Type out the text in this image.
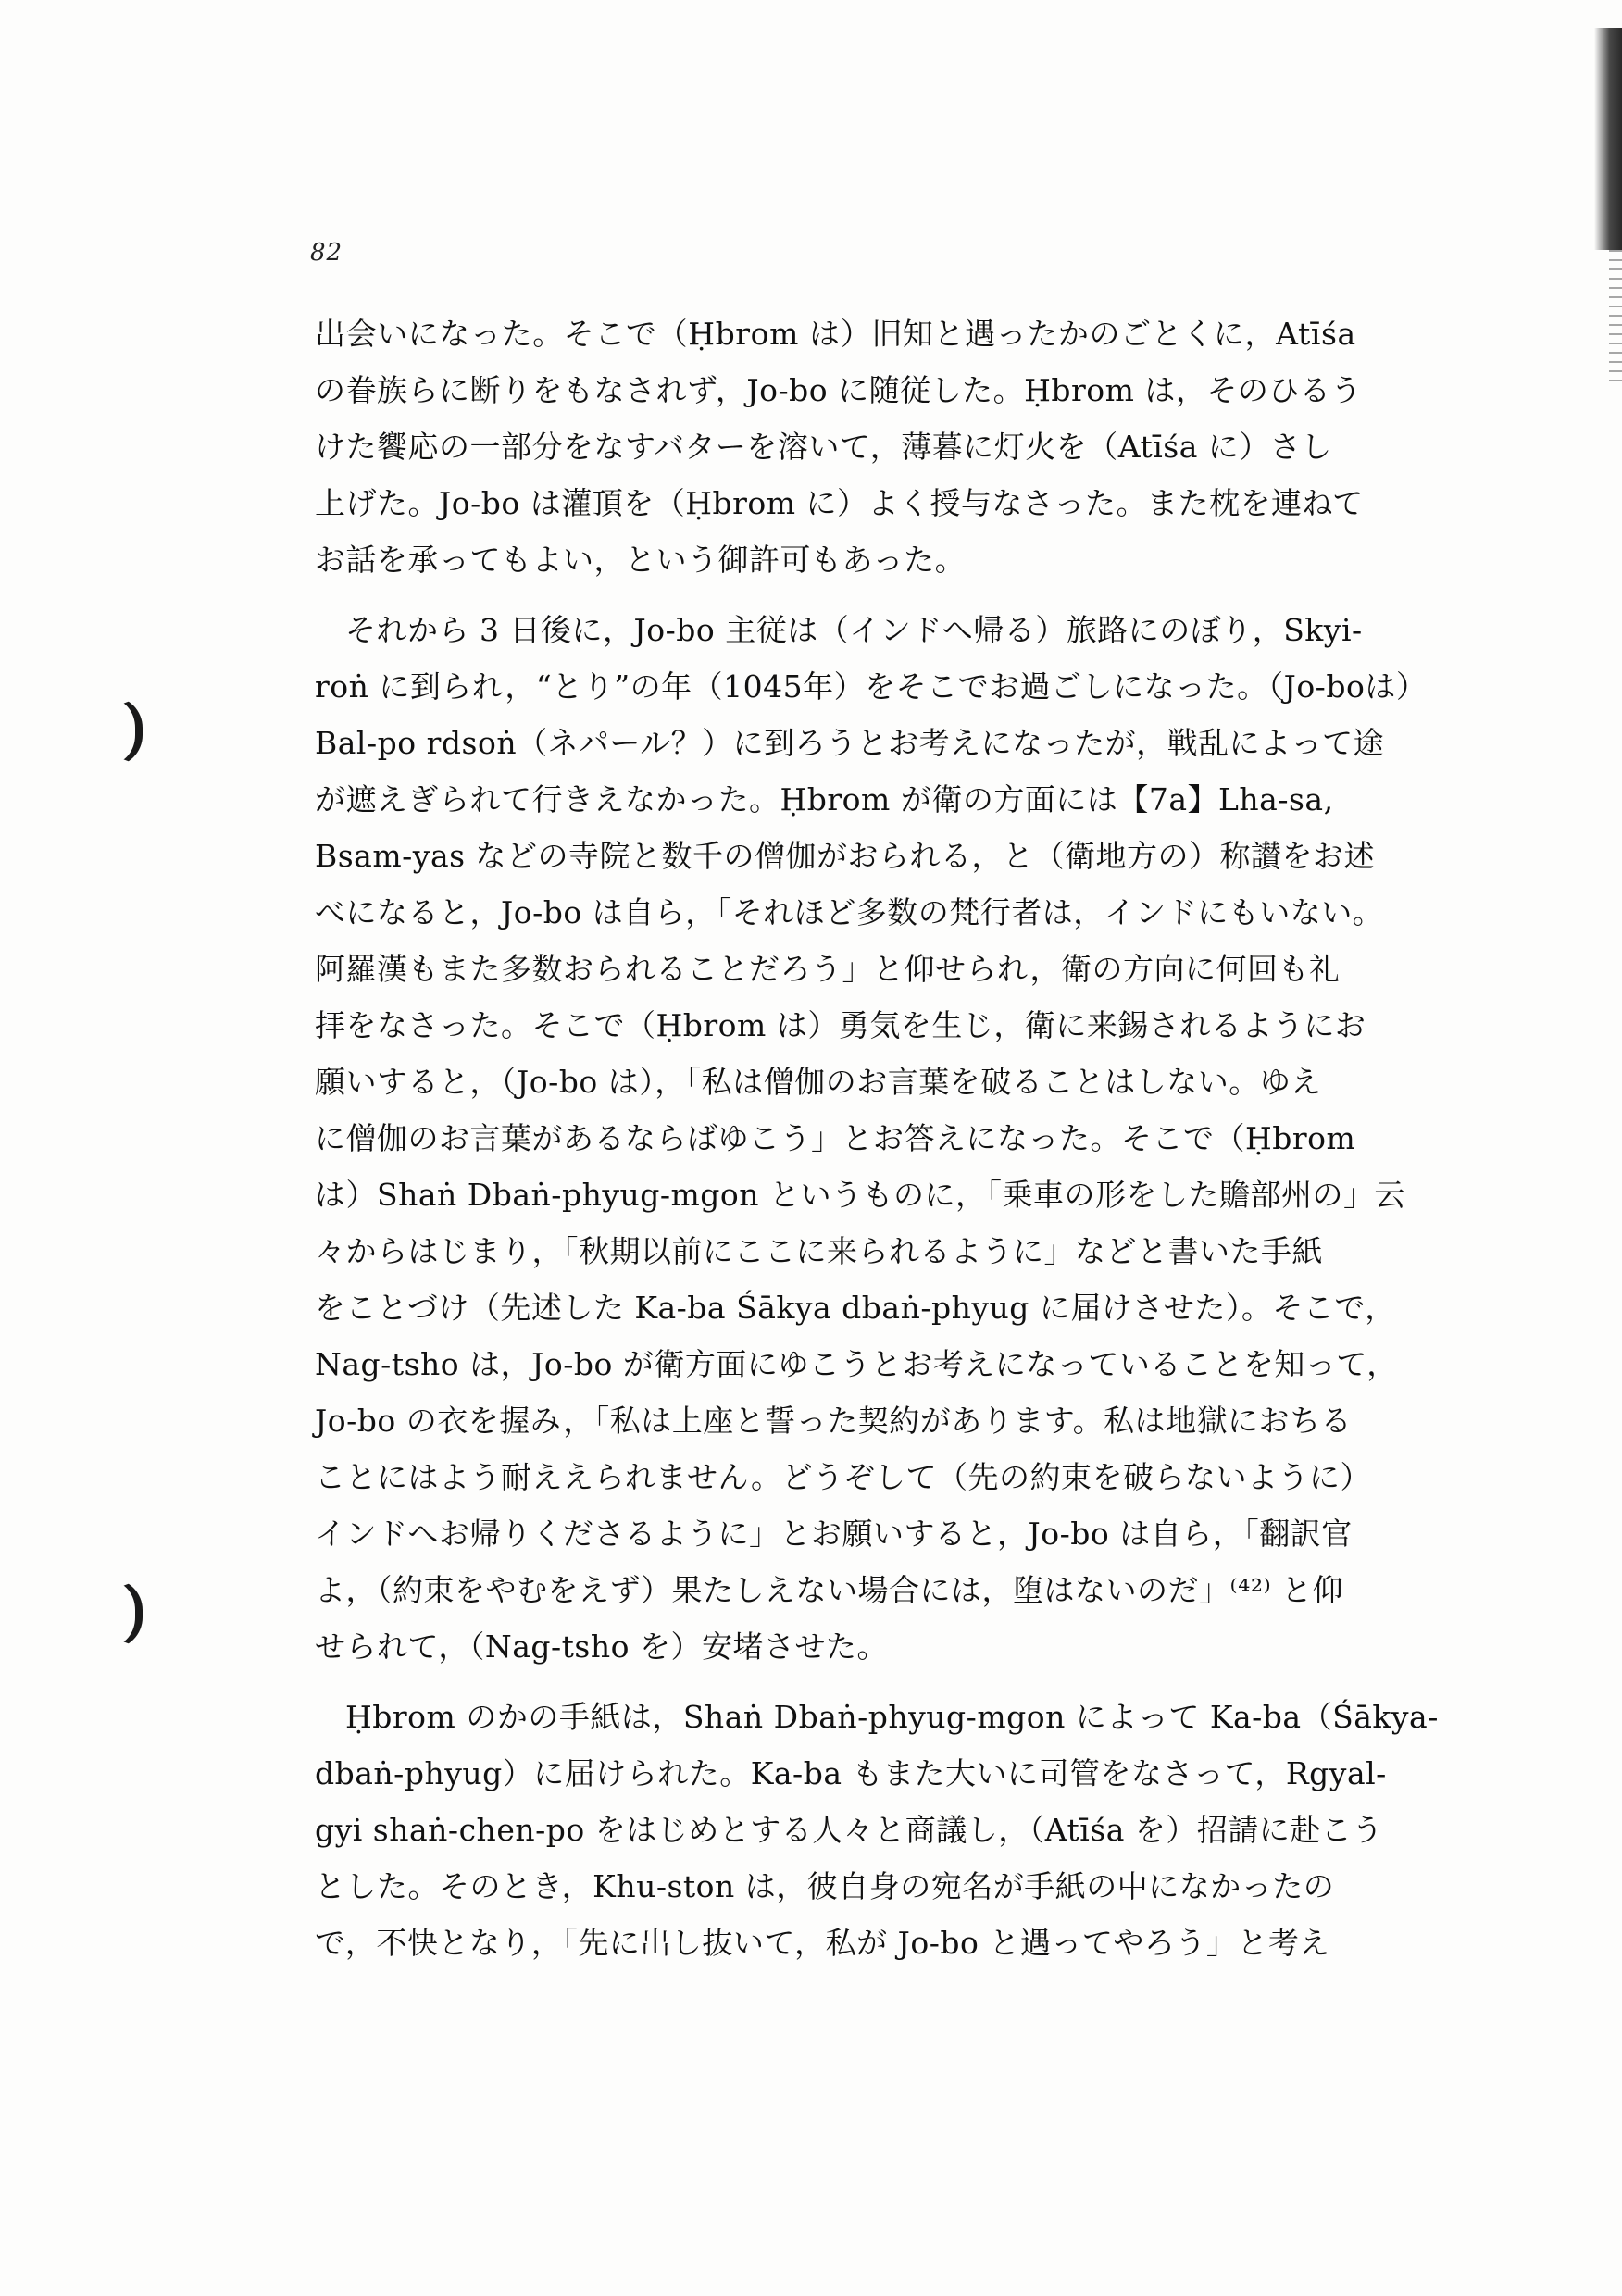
82
出会いになった。そこで（Ḥbrom は）旧知と遇ったかのごとくに，Atīśa
の眷族らに断りをもなされず，Jo-bo に随従した。Ḥbrom は，そのひるう
けた饗応の一部分をなすバターを溶いて，薄暮に灯火を（Atīśa に）さし
上げた。Jo-bo は灌頂を（Ḥbrom に）よく授与なさった。また枕を連ねて
お話を承ってもよい，という御許可もあった。
それから 3 日後に，Jo-bo 主従は（インドへ帰る）旅路にのぼり，Skyi-
roṅ に到られ，“とり”の年（1045年）をそこでお過ごしになった。（Jo-boは）
Bal-po rdsoṅ（ネパール？）に到ろうとお考えになったが，戦乱によって途
が遮えぎられて行きえなかった。Ḥbrom が衛の方面には【7a】Lha-sa,
Bsam-yas などの寺院と数千の僧伽がおられる，と（衛地方の）称讃をお述
べになると，Jo-bo は自ら，「それほど多数の梵行者は，インドにもいない。
阿羅漢もまた多数おられることだろう」と仰せられ，衛の方向に何回も礼
拝をなさった。そこで（Ḥbrom は）勇気を生じ，衛に来錫されるようにお
願いすると，（Jo-bo は），「私は僧伽のお言葉を破ることはしない。ゆえ
に僧伽のお言葉があるならばゆこう」とお答えになった。そこで（Ḥbrom
は）Shaṅ Dbaṅ-phyug-mgon というものに，「乗車の形をした贍部州の」云
々からはじまり，「秋期以前にここに来られるように」などと書いた手紙
をことづけ（先述した Ka-ba Śākya dbaṅ-phyug に届けさせた）。そこで，
Nag-tsho は，Jo-bo が衛方面にゆこうとお考えになっていることを知って，
Jo-bo の衣を握み，「私は上座と誓った契約があります。私は地獄におちる
ことにはよう耐ええられません。どうぞして（先の約束を破らないように）
インドへお帰りくださるように」とお願いすると，Jo-bo は自ら，「翻訳官
よ，（約束をやむをえず）果たしえない場合には，堕はないのだ」⁽⁴²⁾ と仰
せられて，（Nag-tsho を）安堵させた。
Ḥbrom のかの手紙は，Shaṅ Dbaṅ-phyug-mgon によって Ka-ba（Śākya-
dbaṅ-phyug）に届けられた。Ka-ba もまた大いに司管をなさって，Rgyal-
gyi shaṅ-chen-po をはじめとする人々と商議し，（Atīśa を）招請に赴こう
とした。そのとき，Khu-ston は，彼自身の宛名が手紙の中になかったの
で，不快となり，「先に出し抜いて，私が Jo-bo と遇ってやろう」と考え
